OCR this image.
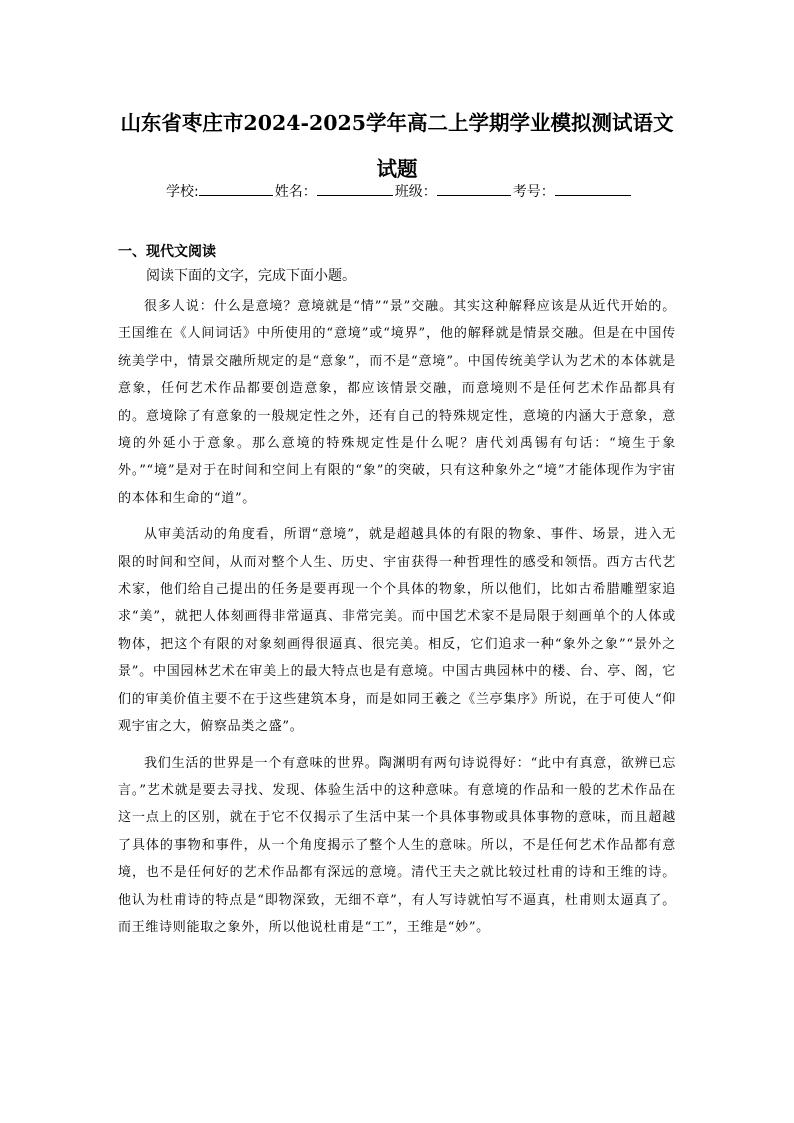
山东省枣庄市2024-2025学年高二上学期学业模拟测试语文试题
学校:	姓名：	班级：	考号：
一、现代文阅读
阅读下面的文字，完成下面小题。

很多人说：什么是意境？意境就是“情”“景”交融。其实这种解释应该是从近代开始的。王国维在《人间词话》中所使用的“意境”或“境界”，他的解释就是情景交融。但是在中国传统美学中，情景交融所规定的是“意象”，而不是“意境”。中国传统美学认为艺术的本体就是意象，任何艺术作品都要创造意象，都应该情景交融，而意境则不是任何艺术作品都具有的。意境除了有意象的一般规定性之外，还有自己的特殊规定性，意境的内涵大于意象，意境的外延小于意象。那么意境的特殊规定性是什么呢？唐代刘禹锡有句话：“境生于象外。”“境”是对于在时间和空间上有限的“象”的突破，只有这种象外之“境”才能体现作为宇宙的本体和生命的“道”。

从审美活动的角度看，所谓“意境”，就是超越具体的有限的物象、事件、场景，进入无限的时间和空间，从而对整个人生、历史、宇宙获得一种哲理性的感受和领悟。西方古代艺术家，他们给自己提出的任务是要再现一个个具体的物象，所以他们，比如古希腊雕塑家追求“美”，就把人体刻画得非常逼真、非常完美。而中国艺术家不是局限于刻画单个的人体或物体，把这个有限的对象刻画得很逼真、很完美。相反，它们追求一种“象外之象”“景外之景”。中国园林艺术在审美上的最大特点也是有意境。中国古典园林中的楼、台、亭、阁，它们的审美价值主要不在于这些建筑本身，而是如同王羲之《兰亭集序》所说，在于可使人“仰观宇宙之大，俯察品类之盛”。

我们生活的世界是一个有意味的世界。陶渊明有两句诗说得好：“此中有真意，欲辨已忘言。”艺术就是要去寻找、发现、体验生活中的这种意味。有意境的作品和一般的艺术作品在这一点上的区别，就在于它不仅揭示了生活中某一个具体事物或具体事物的意味，而且超越了具体的事物和事件，从一个角度揭示了整个人生的意味。所以，不是任何艺术作品都有意境，也不是任何好的艺术作品都有深远的意境。清代王夫之就比较过杜甫的诗和王维的诗。他认为杜甫诗的特点是“即物深致，无细不章”，有人写诗就怕写不逼真，杜甫则太逼真了。而王维诗则能取之象外，所以他说杜甫是“工”，王维是“妙”。
